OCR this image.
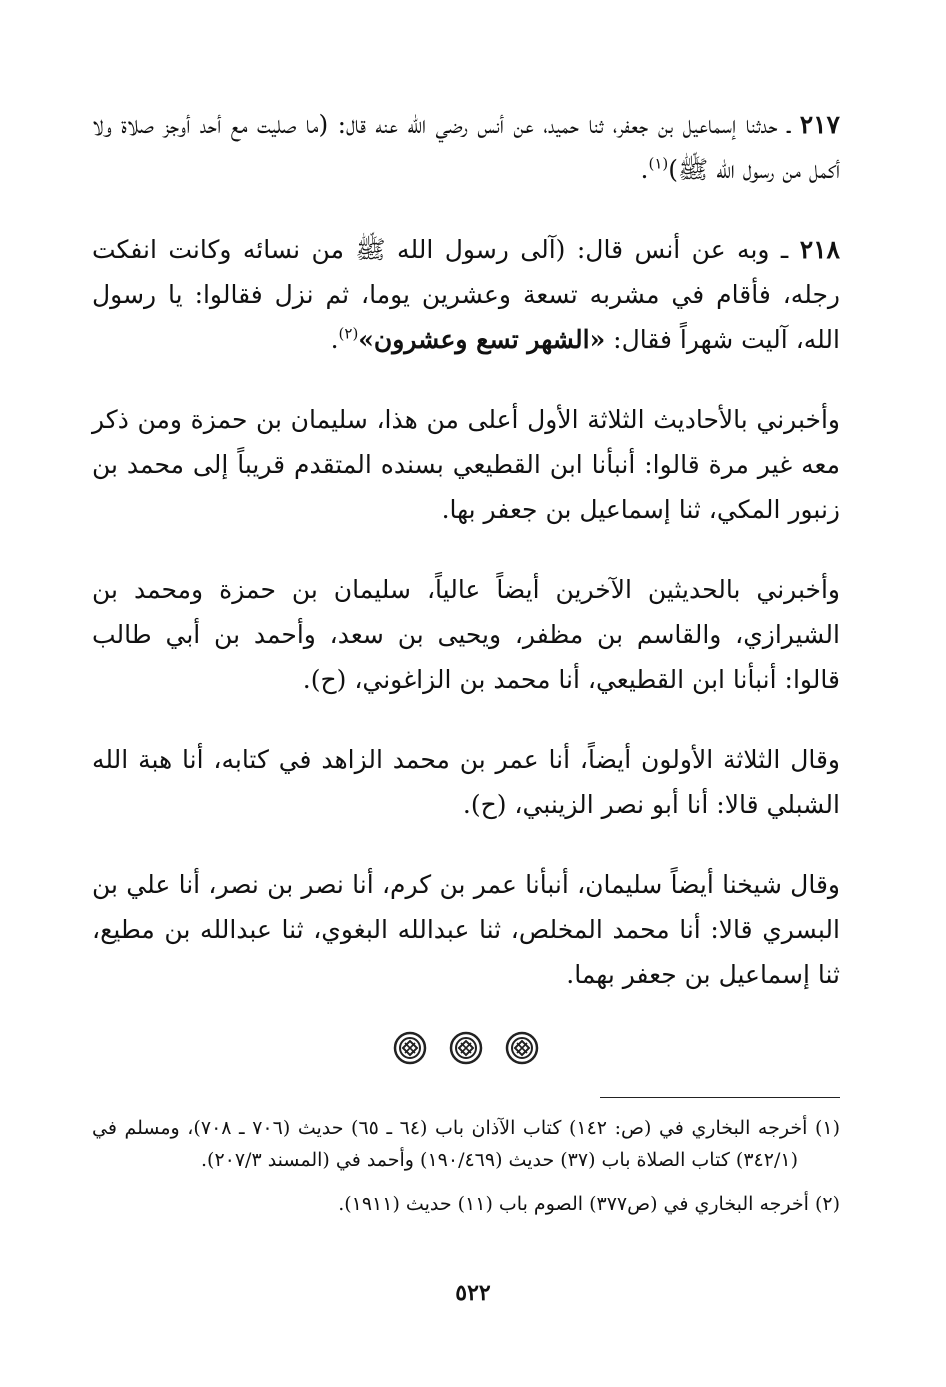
٢١٧ ـ حدثنا إسماعيل بن جعفر، ثنا حميد، عن أنس رضي الله عنه قال: (ما صليت مع أحد أوجز صلاة ولا أكمل من رسول الله ﷺ)$^{(١)}$.

٢١٨ ـ وبه عن أنس قال: (آلى رسول الله ﷺ من نسائه وكانت انفكت رجله، فأقام في مشربه تسعة وعشرين يوما، ثم نزل فقالوا: يا رسول الله، آليت شهراً فقال: «الشهر تسع وعشرون»$^{(٢)}$.

وأخبرني بالأحاديث الثلاثة الأول أعلى من هذا، سليمان بن حمزة ومن ذكر معه غير مرة قالوا: أنبأنا ابن القطيعي بسنده المتقدم قريباً إلى محمد بن زنبور المكي، ثنا إسماعيل بن جعفر بها.

وأخبرني بالحديثين الآخرين أيضاً عالياً، سليمان بن حمزة ومحمد بن الشيرازي، والقاسم بن مظفر، ويحيى بن سعد، وأحمد بن أبي طالب قالوا: أنبأنا ابن القطيعي، أنا محمد بن الزاغوني، (ح).

وقال الثلاثة الأولون أيضاً، أنا عمر بن محمد الزاهد في كتابه، أنا هبة الله الشبلي قالا: أنا أبو نصر الزينبي، (ح).

وقال شيخنا أيضاً سليمان، أنبأنا عمر بن كرم، أنا نصر بن نصر، أنا علي بن البسري قالا: أنا محمد المخلص، ثنا عبدالله البغوي، ثنا عبدالله بن مطيع، ثنا إسماعيل بن جعفر بهما.

(١) أخرجه البخاري في (ص: ١٤٢) كتاب الآذان باب (٦٤ ـ ٦٥) حديث (٧٠٦ ـ ٧٠٨)، ومسلم في (٣٤٢/١) كتاب الصلاة باب (٣٧) حديث (١٩٠/٤٦٩) وأحمد في (المسند ٢٠٧/٣).

(٢) أخرجه البخاري في (ص٣٧٧) الصوم باب (١١) حديث (١٩١١).

٥٢٢
